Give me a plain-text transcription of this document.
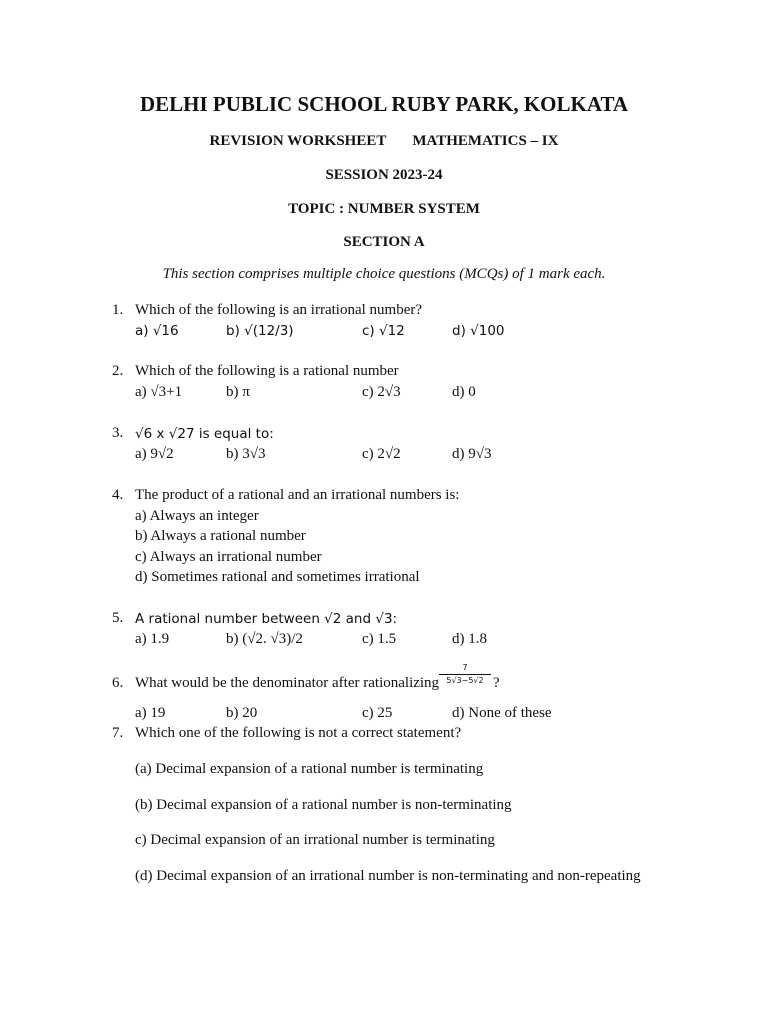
DELHI PUBLIC SCHOOL RUBY PARK, KOLKATA
REVISION WORKSHEET MATHEMATICS – IX
SESSION 2023-24
TOPIC : NUMBER SYSTEM
SECTION A
This section comprises multiple choice questions (MCQs) of 1 mark each.
1. Which of the following is an irrational number?
a) √16	b) √(12/3)	c) √12	d) √100
2. Which of the following is a rational number
a) √3+1	b) π	c) 2√3	d) 0
3. √6 x √27 is equal to:
a) 9√2	b) 3√3	c) 2√2	d) 9√3
4. The product of a rational and an irrational numbers is:
a) Always an integer
b) Always a rational number
c) Always an irrational number
d) Sometimes rational and sometimes irrational
5. A rational number between √2 and √3:
a) 1.9	b) (√2. √3)/2	c) 1.5	d) 1.8
6. What would be the denominator after rationalizing
7
5√3−5√2 ?
a) 19	b) 20	c) 25	d) None of these
7. Which one of the following is not a correct statement?
(a) Decimal expansion of a rational number is terminating
(b) Decimal expansion of a rational number is non-terminating
c) Decimal expansion of an irrational number is terminating
(d) Decimal expansion of an irrational number is non-terminating and non-repeating
